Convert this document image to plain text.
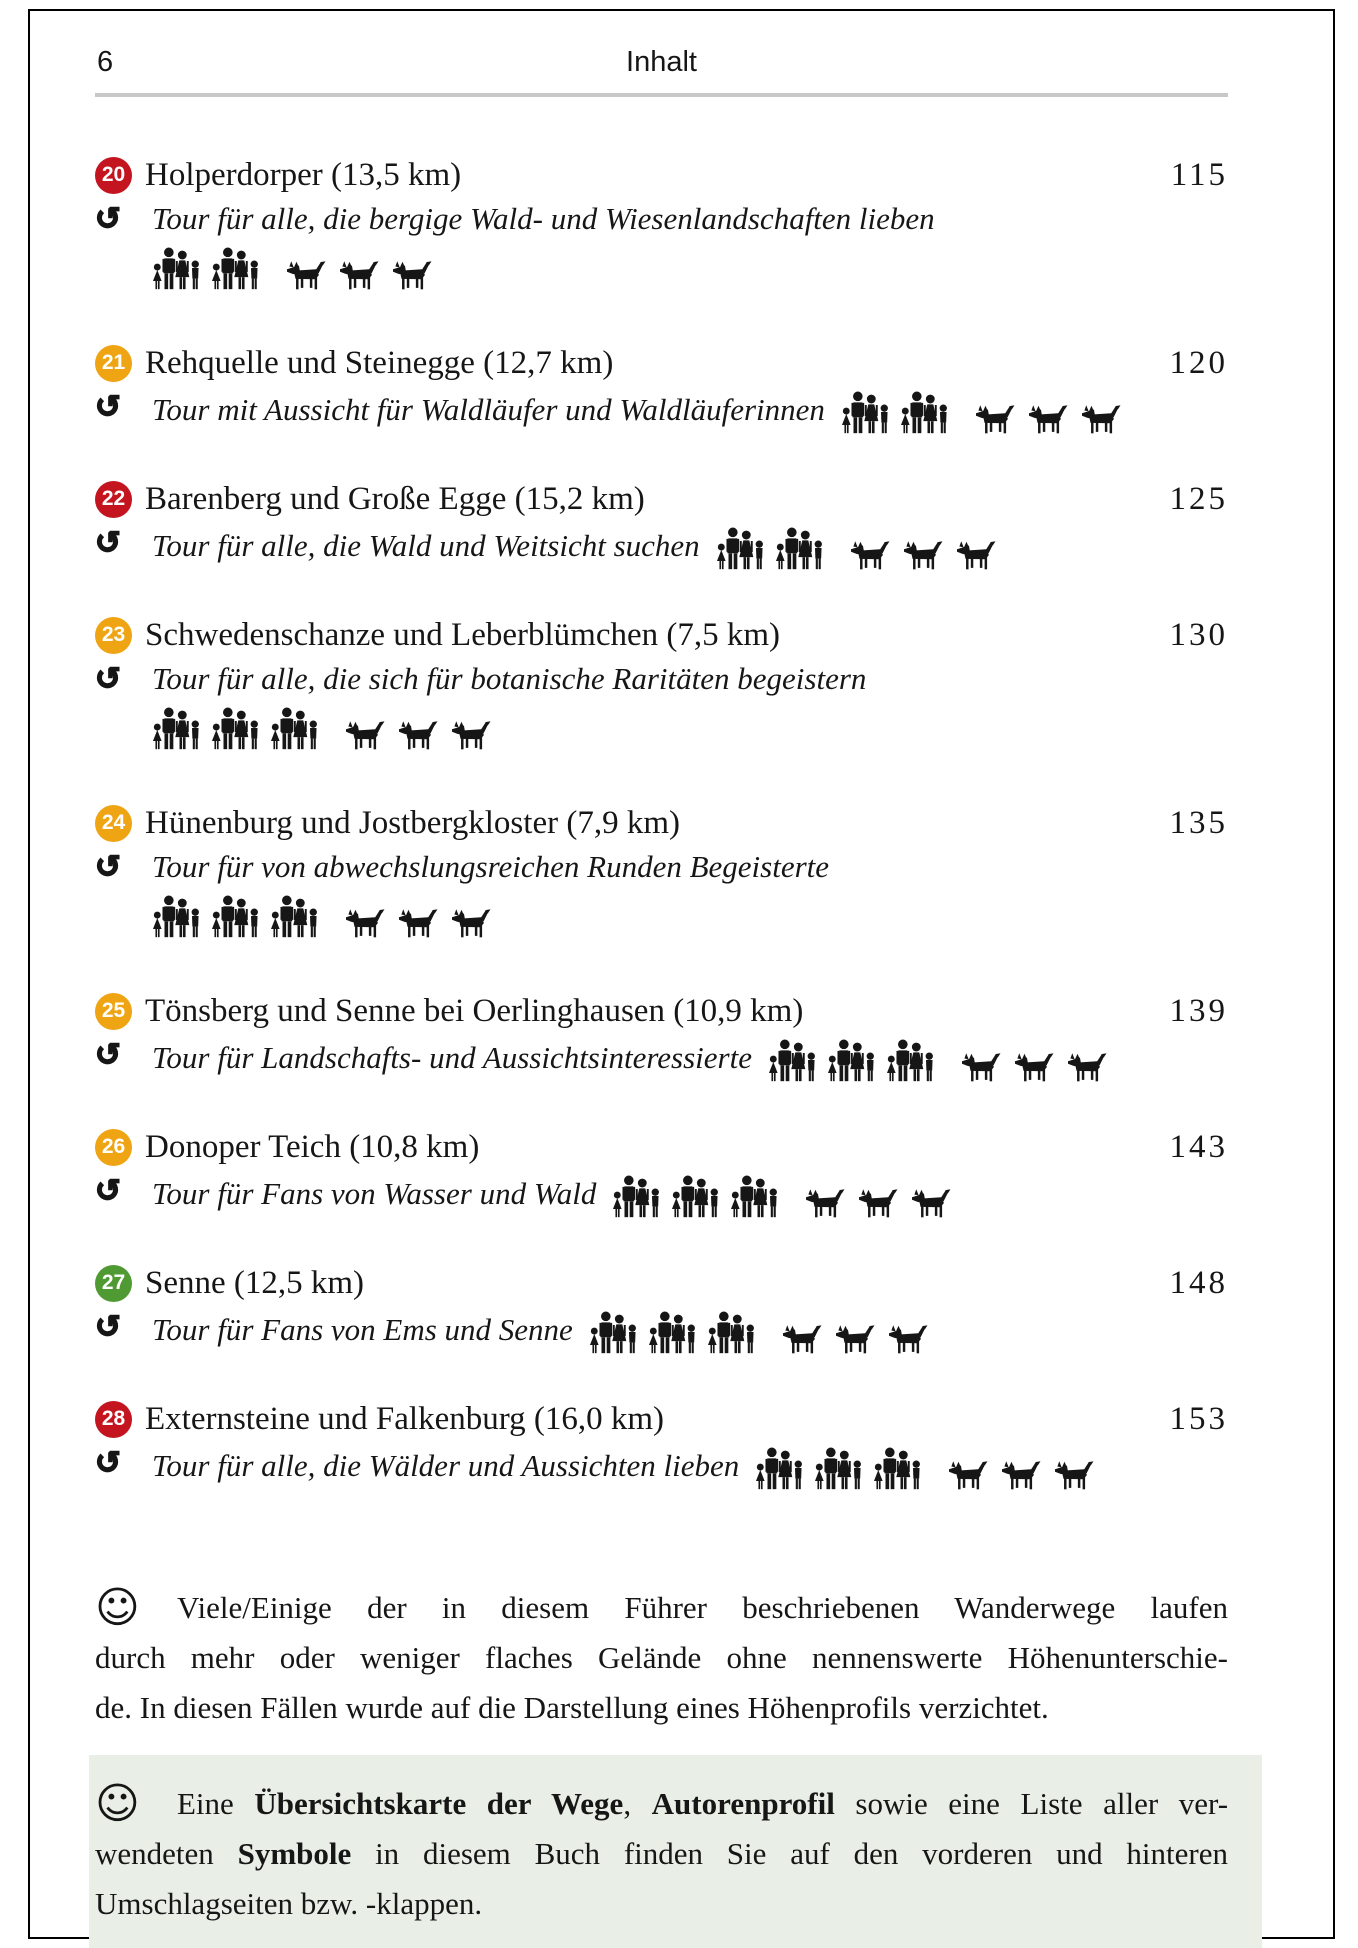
6	Inhalt
20 Holperdorper (13,5 km)	115
↺	Tour für alle, die bergige Wald- und Wiesenlandschaften lieben
21 Rehquelle und Steinegge (12,7 km)	120
↺	Tour mit Aussicht für Waldläufer und Waldläuferinnen
22 Barenberg und Große Egge (15,2 km)	125
↺	Tour für alle, die Wald und Weitsicht suchen
23 Schwedenschanze und Leberblümchen (7,5 km)	130
↺	Tour für alle, die sich für botanische Raritäten begeistern
24 Hünenburg und Jostbergkloster (7,9 km)	135
↺	Tour für von abwechslungsreichen Runden Begeisterte
25 Tönsberg und Senne bei Oerlinghausen (10,9 km)	139
↺	Tour für Landschafts- und Aussichtsinteressierte
26 Donoper Teich (10,8 km)	143
↺	Tour für Fans von Wasser und Wald
27 Senne (12,5 km)	148
↺	Tour für Fans von Ems und Senne
28 Externsteine und Falkenburg (16,0 km)	153
↺	Tour für alle, die Wälder und Aussichten lieben
☺	Viele/Einige der in diesem Führer beschriebenen Wanderwege laufen
durch mehr oder weniger flaches Gelände ohne nennenswerte Höhenunterschie-
de. In diesen Fällen wurde auf die Darstellung eines Höhenprofils verzichtet.
☺	Eine Übersichtskarte der Wege, Autorenprofil sowie eine Liste aller ver-
wendeten Symbole in diesem Buch finden Sie auf den vorderen und hinteren
Umschlagseiten bzw. -klappen.
